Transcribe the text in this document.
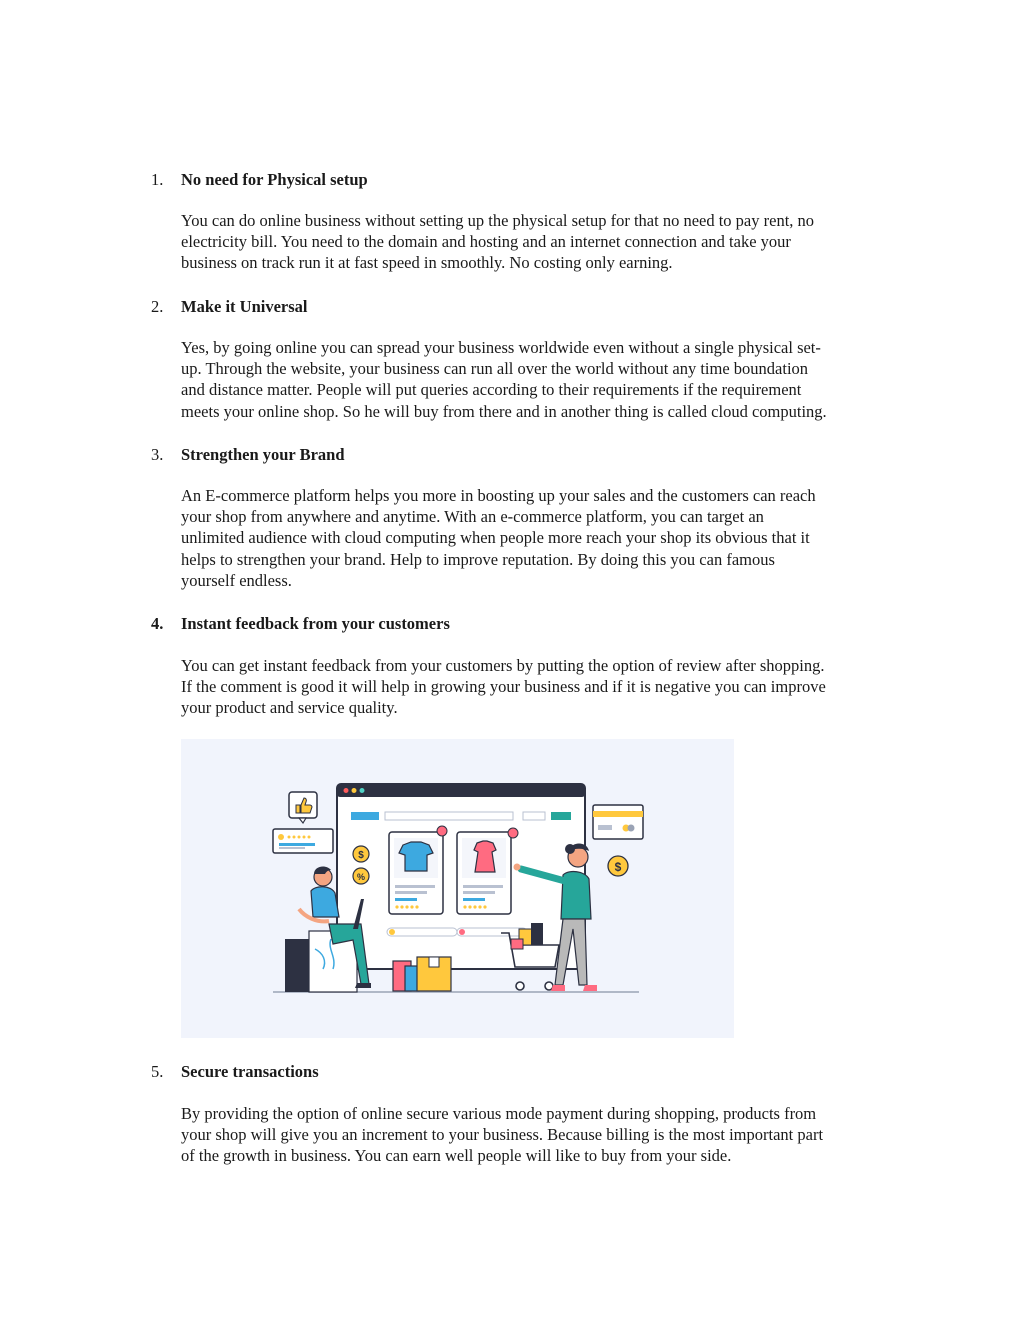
1. No need for Physical setup
You can do online business without setting up the physical setup for that no need to pay rent, no
electricity bill. You need to the domain and hosting and an internet connection and take your
business on track run it at fast speed in smoothly. No costing only earning.
2. Make it Universal
Yes, by going online you can spread your business worldwide even without a single physical set-
up. Through the website, your business can run all over the world without any time boundation
and distance matter. People will put queries according to their requirements if the requirement
meets your online shop. So he will buy from there and in another thing is called cloud computing.
3. Strengthen your Brand
An E-commerce platform helps you more in boosting up your sales and the customers can reach
your shop from anywhere and anytime. With an e-commerce platform, you can target an
unlimited audience with cloud computing when people more reach your shop its obvious that it
helps to strengthen your brand. Help to improve reputation. By doing this you can famous
yourself endless.
4. Instant feedback from your customers
You can get instant feedback from your customers by putting the option of review after shopping.
If the comment is good it will help in growing your business and if it is negative you can improve
your product and service quality.
$
%
$
5. Secure transactions
By providing the option of online secure various mode payment during shopping, products from
your shop will give you an increment to your business. Because billing is the most important part
of the growth in business. You can earn well people will like to buy from your side.
